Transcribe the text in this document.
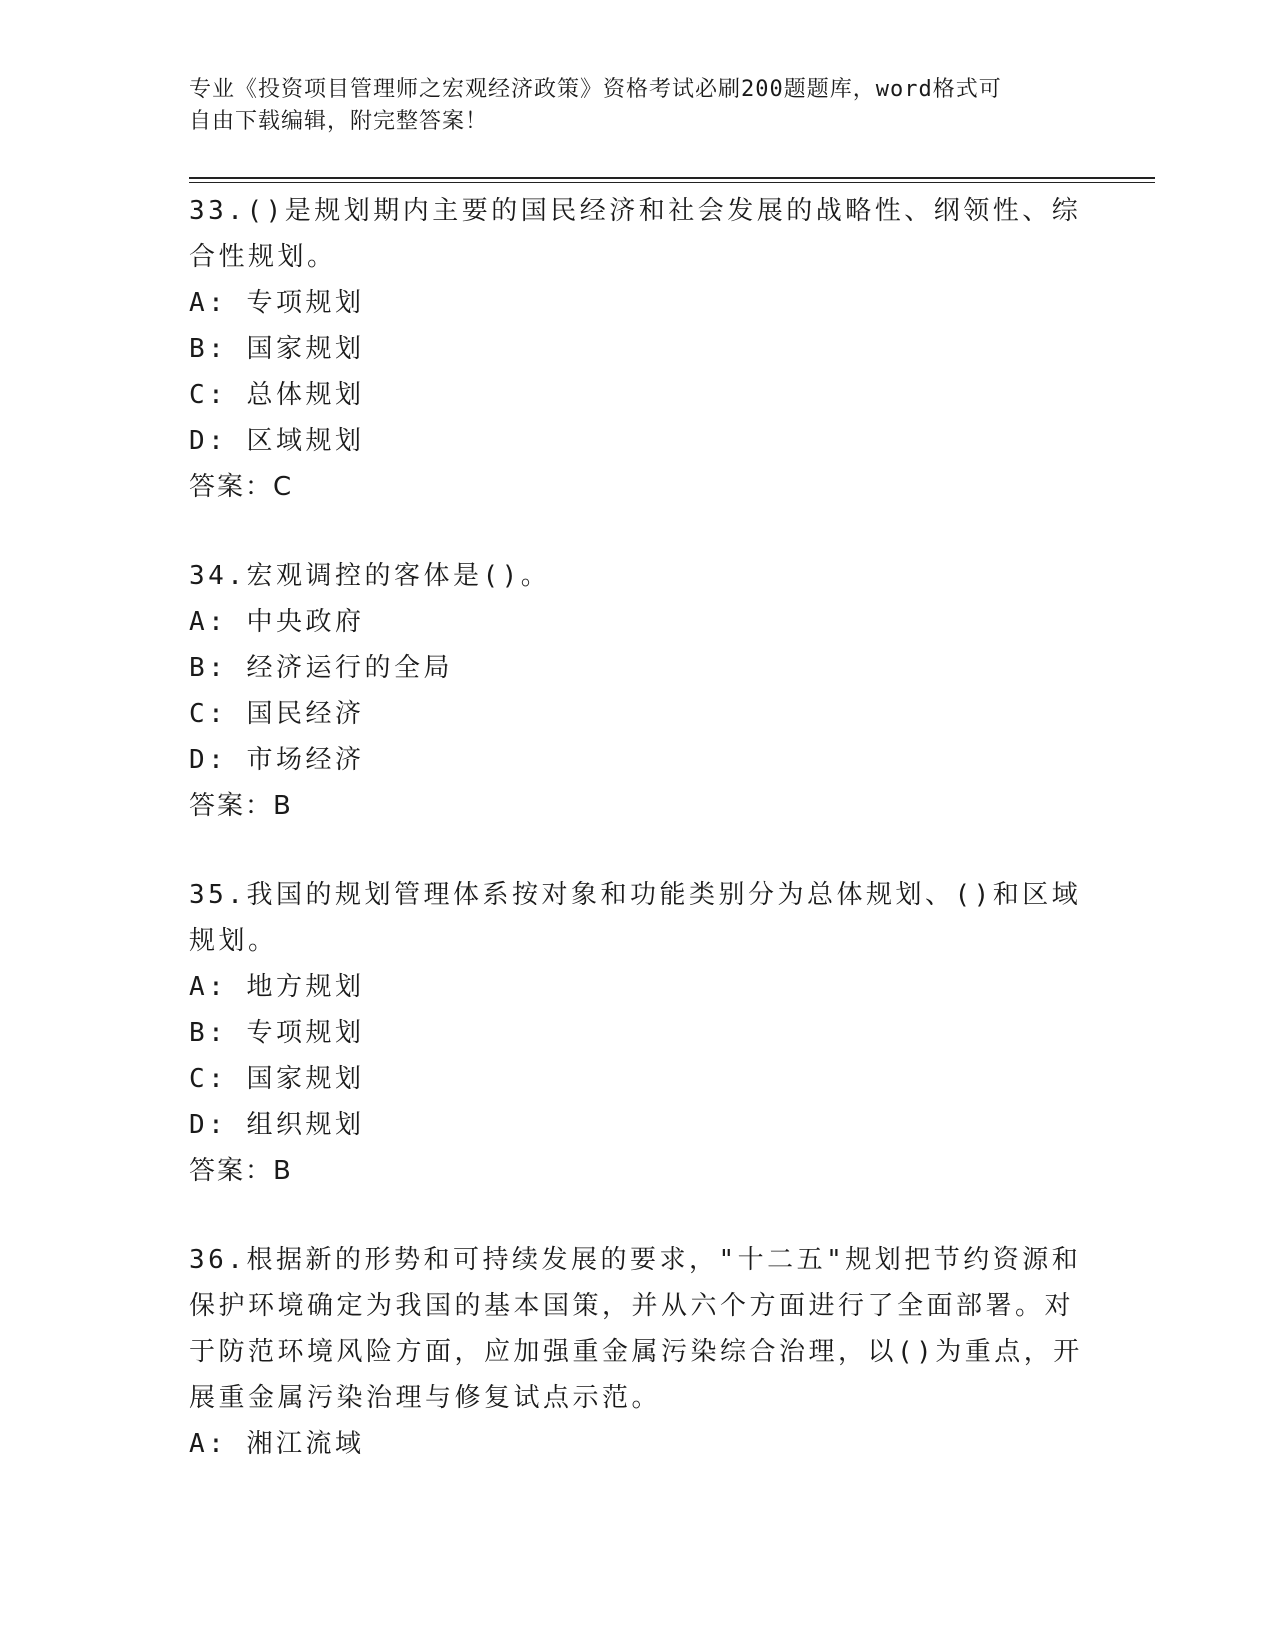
专业《投资项目管理师之宏观经济政策》资格考试必刷200题题库，word格式可
自由下载编辑，附完整答案！
33.()是规划期内主要的国民经济和社会发展的战略性、纲领性、综合性规划。
A: 专项规划
B: 国家规划
C: 总体规划
D: 区域规划
答案：C
34.宏观调控的客体是()。
A: 中央政府
B: 经济运行的全局
C: 国民经济
D: 市场经济
答案：B
35.我国的规划管理体系按对象和功能类别分为总体规划、()和区域规划。
A: 地方规划
B: 专项规划
C: 国家规划
D: 组织规划
答案：B
36.根据新的形势和可持续发展的要求，"十二五"规划把节约资源和保护环境确定为我国的基本国策，并从六个方面进行了全面部署。对于防范环境风险方面，应加强重金属污染综合治理，以()为重点，开展重金属污染治理与修复试点示范。
A: 湘江流域
